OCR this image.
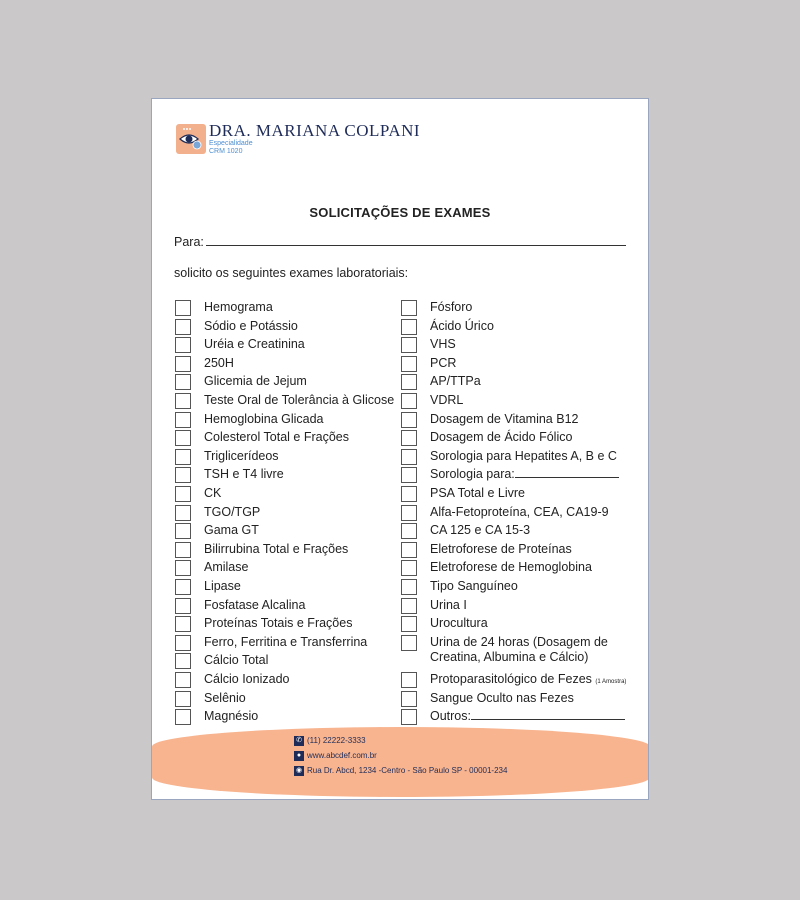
DRA. MARIANA COLPANI
Especialidade
CRM 1020
SOLICITAÇÕES DE EXAMES
Para:
solicito os seguintes exames laboratoriais:
Hemograma
Sódio e Potássio
Uréia e Creatinina
250H
Glicemia de Jejum
Teste Oral de Tolerância à Glicose
Hemoglobina Glicada
Colesterol Total e Frações
Triglicerídeos
TSH e T4 livre
CK
TGO/TGP
Gama GT
Bilirrubina Total e Frações
Amilase
Lipase
Fosfatase Alcalina
Proteínas Totais e Frações
Ferro, Ferritina e Transferrina
Cálcio Total
Cálcio Ionizado
Selênio
Magnésio
Fósforo
Ácido Úrico
VHS
PCR
AP/TTPa
VDRL
Dosagem de Vitamina B12
Dosagem de Ácido Fólico
Sorologia para Hepatites A, B e C
Sorologia para:
PSA Total e Livre
Alfa-Fetoproteína, CEA, CA19-9
CA 125 e CA 15-3
Eletroforese de Proteínas
Eletroforese de Hemoglobina
Tipo Sanguíneo
Urina I
Urocultura
Urina de 24 horas (Dosagem de
Creatina, Albumina e Cálcio)
Protoparasitológico de Fezes (1 Amostra)
Sangue Oculto nas Fezes
Outros:
✆ (11) 22222-3333
● www.abcdef.com.br
◉ Rua Dr. Abcd, 1234 -Centro - São Paulo SP - 00001-234
